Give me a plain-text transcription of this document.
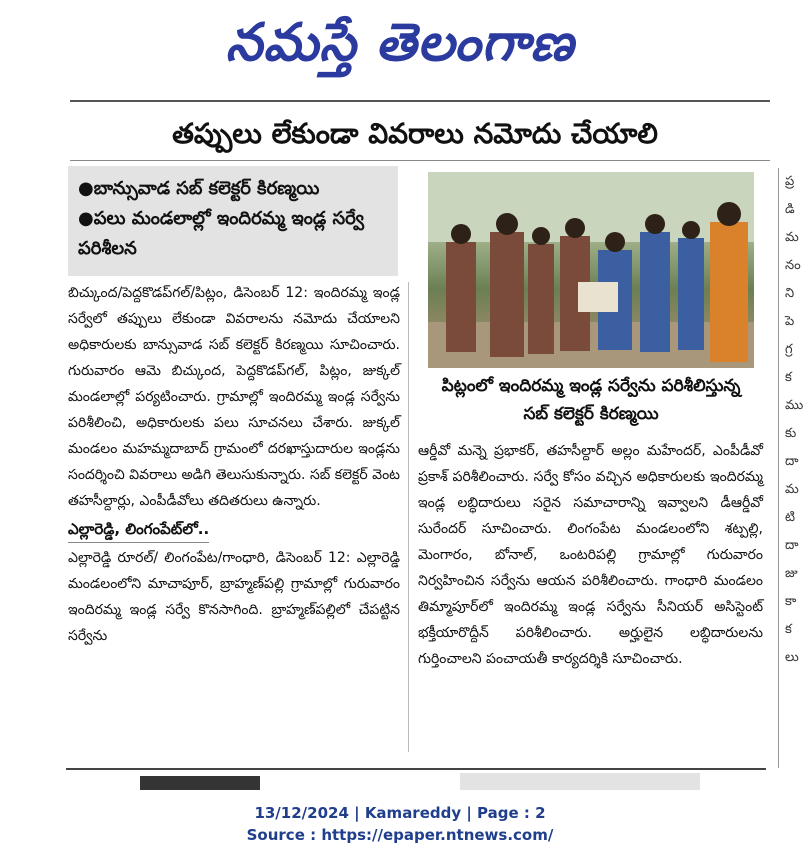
నమస్తే తెలంగాణ
తప్పులు లేకుండా వివరాలు నమోదు చేయాలి
●బాన్సువాడ సబ్ కలెక్టర్ కిరణ్మయి
●పలు మండలాల్లో ఇందిరమ్మ ఇండ్ల సర్వే పరిశీలన
బిచ్కుంద/పెద్దకొడప్‌గల్/పిట్లం, డిసెంబర్ 12: ఇందిరమ్మ ఇండ్ల సర్వేలో తప్పులు లేకుండా వివరాలను నమోదు చేయాలని అధికారులకు బాన్సువాడ సబ్ కలెక్టర్ కిరణ్మయి సూచించారు. గురువారం ఆమె బిచ్కుంద, పెద్దకొడప్‌గల్, పిట్లం, జుక్కల్ మండలాల్లో పర్యటించారు. గ్రామాల్లో ఇందిరమ్మ ఇండ్ల సర్వేను పరిశీలించి, అధికారులకు పలు సూచనలు చేశారు. జుక్కల్ మండలం మహమ్మదాబాద్ గ్రామంలో దరఖాస్తుదారుల ఇండ్లను సందర్శించి వివరాలు అడిగి తెలుసుకున్నారు. సబ్ కలెక్టర్ వెంట తహసీల్దార్లు, ఎంపీడీవోలు తదితరులు ఉన్నారు.
ఎల్లారెడ్డి, లింగంపేట్‌లో..
ఎల్లారెడ్డి రూరల్/ లింగంపేట/గాంధారి, డిసెంబర్ 12: ఎల్లారెడ్డి మండలంలోని మాచాపూర్, బ్రాహ్మణ్‌పల్లి గ్రామాల్లో గురువారం ఇందిరమ్మ ఇండ్ల సర్వే కొనసాగింది. బ్రాహ్మణ్‌పల్లిలో చేపట్టిన సర్వేను
పిట్లంలో ఇందిరమ్మ ఇండ్ల సర్వేను పరిశీలిస్తున్న సబ్ కలెక్టర్ కిరణ్మయి
ఆర్డీవో మన్నె ప్రభాకర్, తహసీల్దార్ అల్లం మహేందర్, ఎంపీడీవో ప్రకాశ్ పరిశీలించారు. సర్వే కోసం వచ్చిన అధికారులకు ఇందిరమ్మ ఇండ్ల లబ్ధిదారులు సరైన సమాచారాన్ని ఇవ్వాలని డీఆర్డీవో సురేందర్ సూచించారు. లింగంపేట మండలంలోని శట్పల్లి, మెంగారం, బోనాల్, ఒంటరిపల్లి గ్రామాల్లో గురువారం నిర్వహించిన సర్వేను ఆయన పరిశీలించారు. గాంధారి మండలం తిమ్మాపూర్‌లో ఇందిరమ్మ ఇండ్ల సర్వేను సీనియర్ అసిస్టెంట్ భక్తీయారొద్దీన్ పరిశీలించారు. అర్హులైన లబ్ధిదారులను గుర్తించాలని పంచాయతీ కార్యదర్శికి సూచించారు.
ప్ర
డి
మ
నం
ని
పె
గ్ర
క
ము
కు
దా
మ
టి
దా
జు
కా
క
లు
13/12/2024 | Kamareddy | Page : 2
Source : https://epaper.ntnews.com/
